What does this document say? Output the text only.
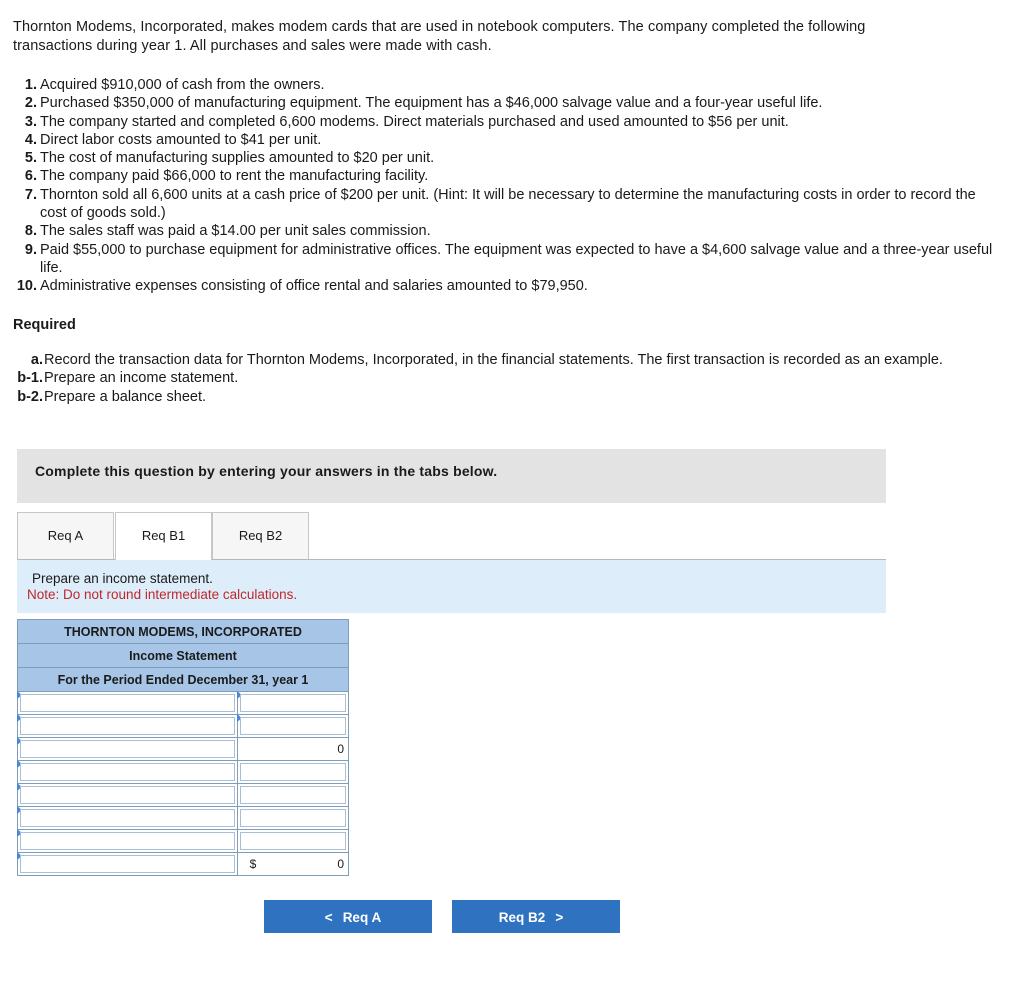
Thornton Modems, Incorporated, makes modem cards that are used in notebook computers. The company completed the following
transactions during year 1. All purchases and sales were made with cash.
1. Acquired $910,000 of cash from the owners.
2. Purchased $350,000 of manufacturing equipment. The equipment has a $46,000 salvage value and a four-year useful life.
3. The company started and completed 6,600 modems. Direct materials purchased and used amounted to $56 per unit.
4. Direct labor costs amounted to $41 per unit.
5. The cost of manufacturing supplies amounted to $20 per unit.
6. The company paid $66,000 to rent the manufacturing facility.
7. Thornton sold all 6,600 units at a cash price of $200 per unit. (Hint: It will be necessary to determine the manufacturing costs in order to record the cost of goods sold.)
8. The sales staff was paid a $14.00 per unit sales commission.
9. Paid $55,000 to purchase equipment for administrative offices. The equipment was expected to have a $4,600 salvage value and a three-year useful life.
10. Administrative expenses consisting of office rental and salaries amounted to $79,950.
Required
a. Record the transaction data for Thornton Modems, Incorporated, in the financial statements. The first transaction is recorded as an example.
b-1. Prepare an income statement.
b-2. Prepare a balance sheet.
Complete this question by entering your answers in the tabs below.
Req A	Req B1	Req B2
Prepare an income statement.
Note: Do not round intermediate calculations.
THORNTON MODEMS, INCORPORATED	
Income Statement	
For the Period Ended December 31, year 1	

	0

	$ 0
< Req A	Req B2 >
